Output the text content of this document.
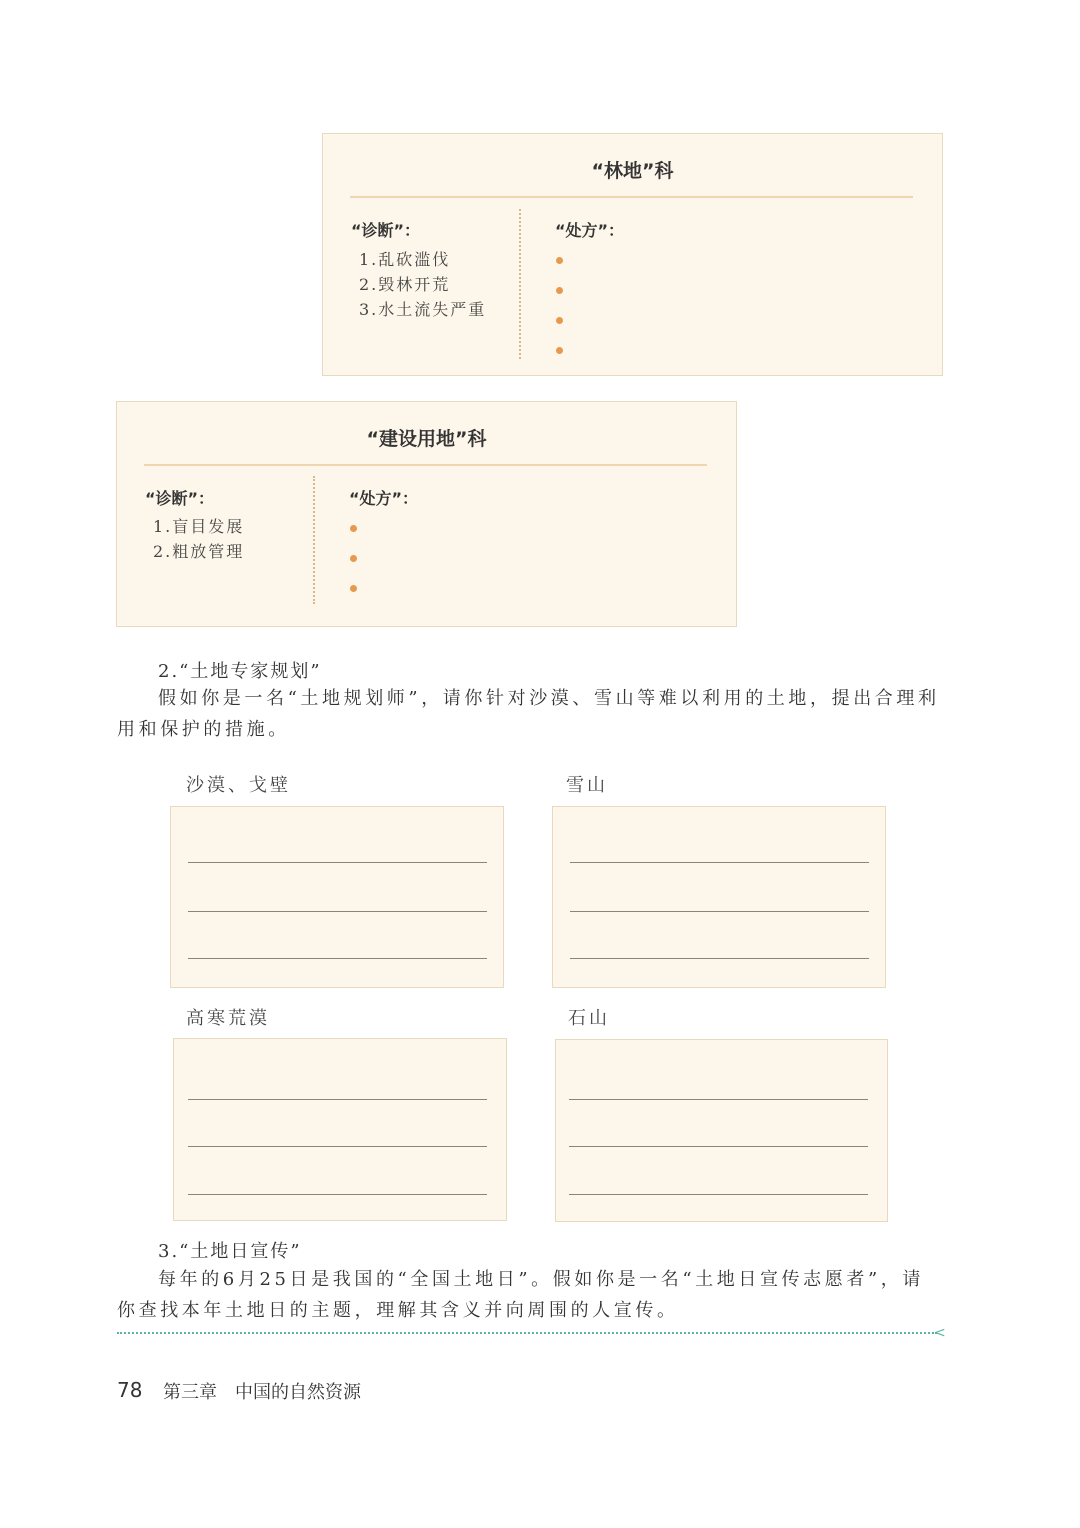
“林地”科
“诊断”：
1.乱砍滥伐
2.毁林开荒
3.水土流失严重
“处方”：
“建设用地”科
“诊断”：
1.盲目发展
2.粗放管理
“处方”：
2.“土地专家规划”

假如你是一名“土地规划师”，请你针对沙漠、雪山等难以利用的土地，提出合理利

用和保护的措施。

沙漠、戈壁	雪山
高寒荒漠	石山
3.“土地日宣传”

每年的6月25日是我国的“全国土地日”。假如你是一名“土地日宣传志愿者”，请

你查找本年土地日的主题，理解其含义并向周围的人宣传。

<
78 第三章　中国的自然资源
